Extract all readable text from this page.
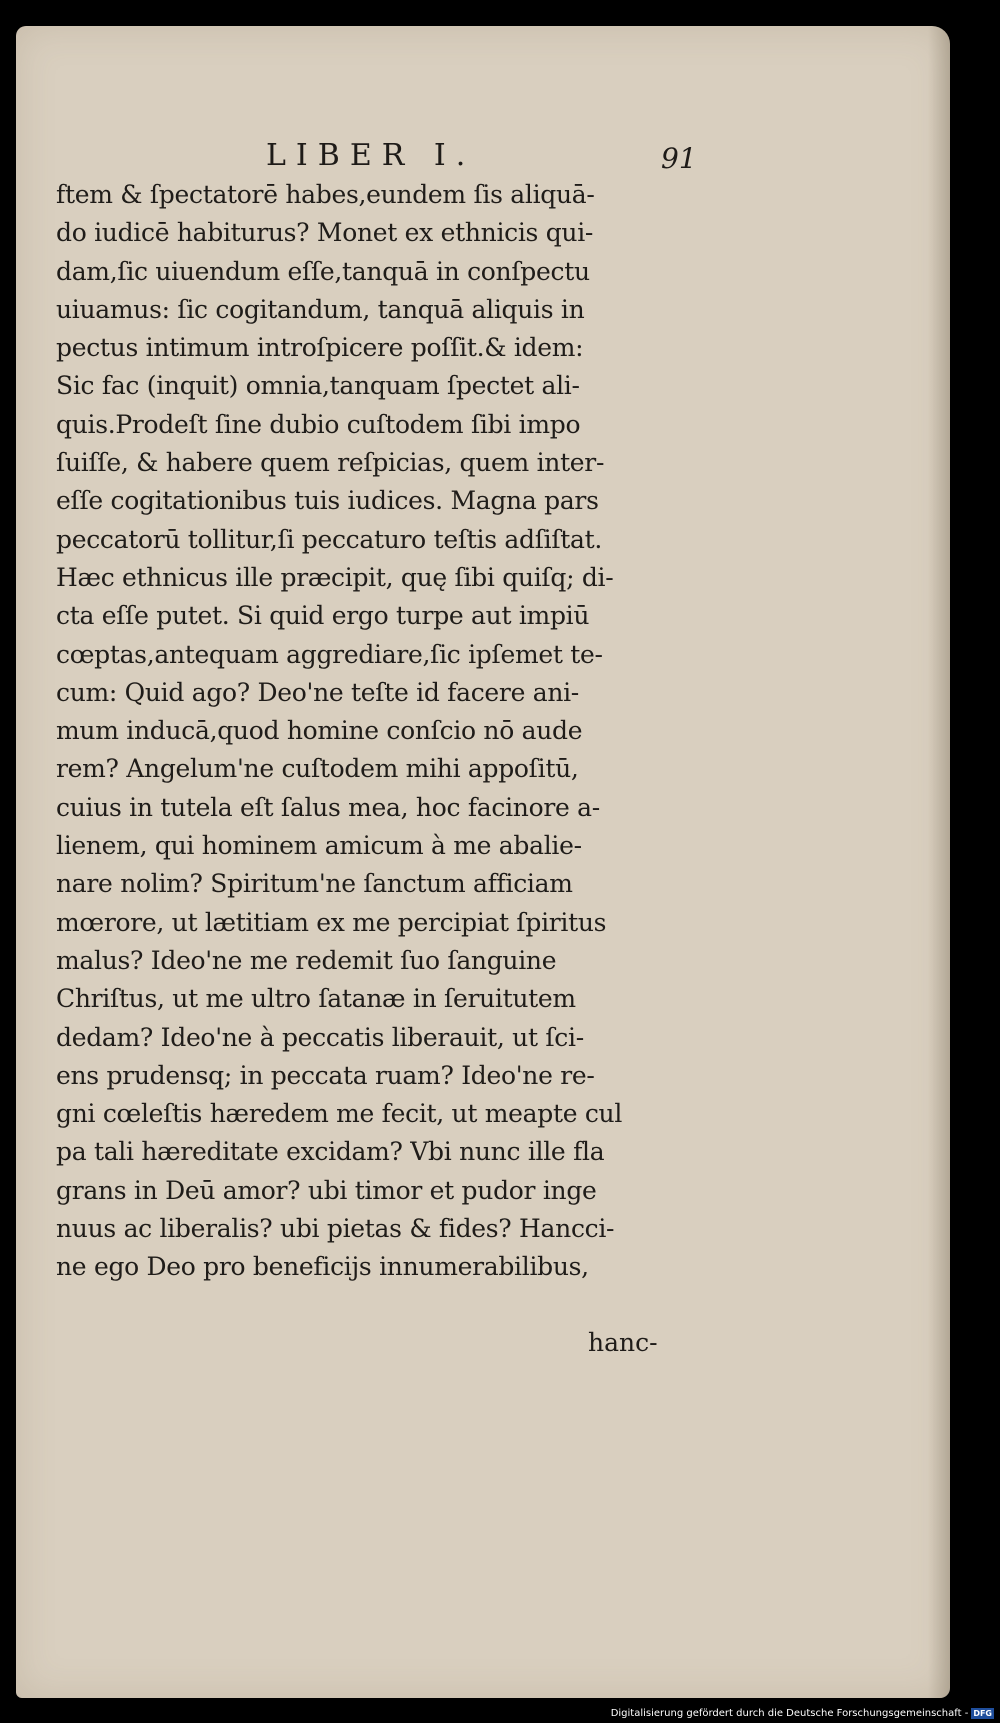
LIBER I.	91
ftem & ſpectatorē habes,eundem ſis aliquā-
do iudicē habiturus? Monet ex ethnicis qui-
dam,ſic uiuendum eſſe,tanquā in conſpectu
uiuamus: ſic cogitandum, tanquā aliquis in
pectus intimum introſpicere poſſit.& idem:
Sic fac (inquit) omnia,tanquam ſpectet ali-
quis.Prodeſt ſine dubio cuſtodem ſibi impo
ſuiſſe, & habere quem reſpicias, quem inter-
eſſe cogitationibus tuis iudices. Magna pars
peccatorū tollitur,ſi peccaturo teſtis adſiſtat.
Hæc ethnicus ille præcipit, quę ſibi quiſq; di-
cta eſſe putet. Si quid ergo turpe aut impiū
cœptas,antequam aggrediare,ſic ipſemet te-
cum: Quid ago? Deo'ne teſte id facere ani-
mum inducā,quod homine conſcio nō aude
rem? Angelum'ne cuſtodem mihi appoſitū,
cuius in tutela eſt ſalus mea, hoc facinore a-
lienem, qui hominem amicum à me abalie-
nare nolim? Spiritum'ne ſanctum afficiam
mœrore, ut lætitiam ex me percipiat ſpiritus
malus? Ideo'ne me redemit ſuo ſanguine
Chriſtus, ut me ultro ſatanæ in ſeruitutem
dedam? Ideo'ne à peccatis liberauit, ut ſci-
ens prudensq; in peccata ruam? Ideo'ne re-
gni cœleſtis hæredem me fecit, ut meapte cul
pa tali hæreditate excidam? Vbi nunc ille fla
grans in Deū amor? ubi timor et pudor inge
nuus ac liberalis? ubi pietas & fides? Hancci-
ne ego Deo pro beneficijs innumerabilibus,
hanc-
Digitalisierung gefördert durch die Deutsche Forschungsgemeinschaft - DFG
